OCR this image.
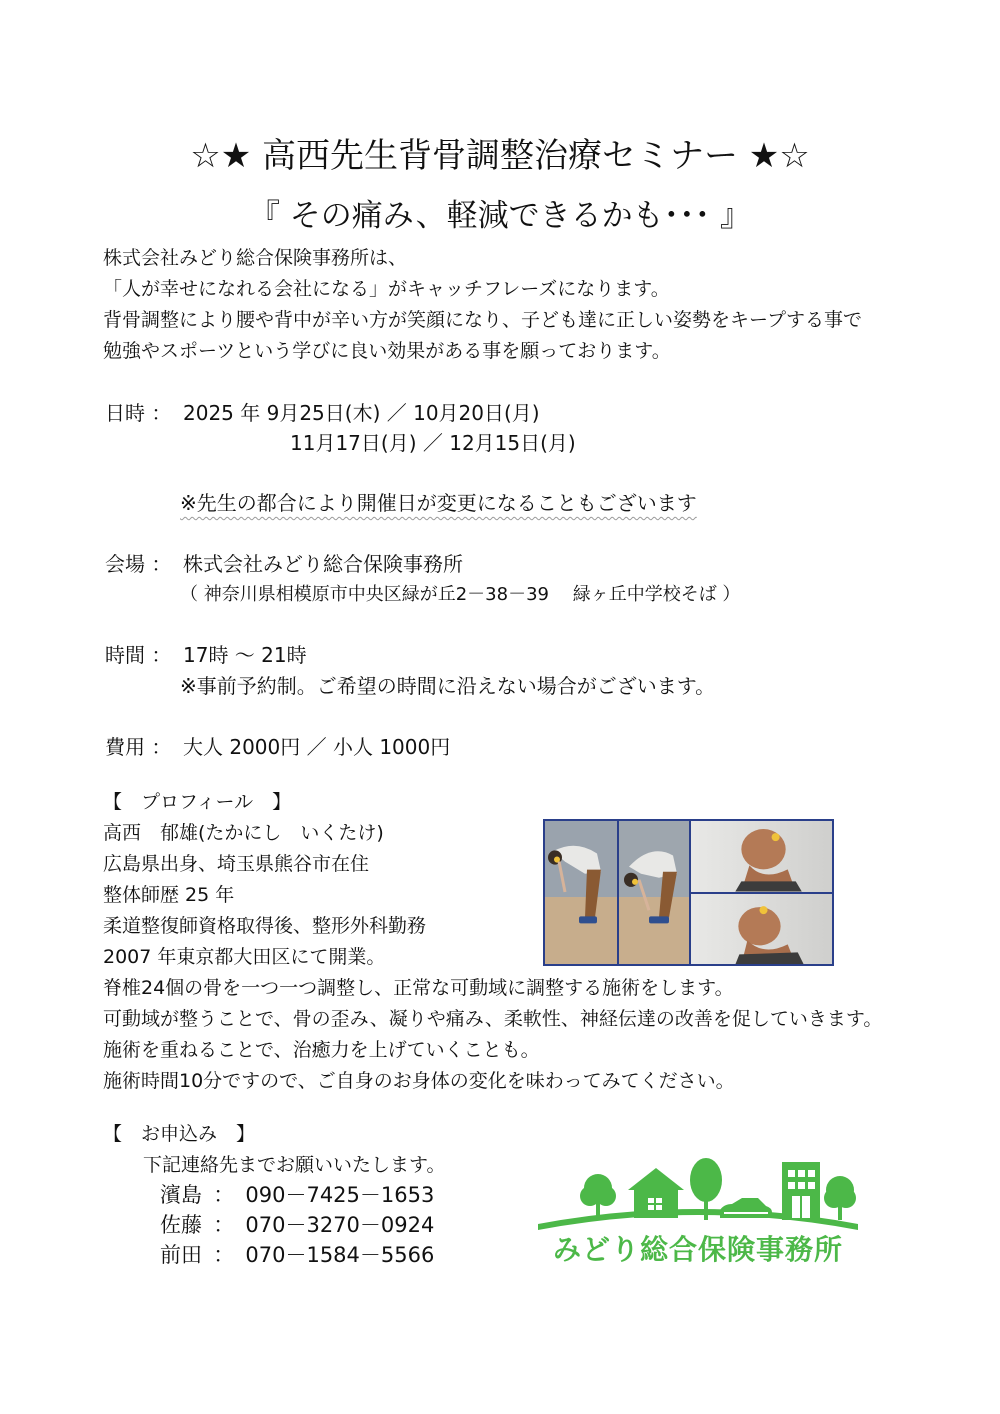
☆★ 高西先生背骨調整治療セミナー ★☆
『 その痛み、軽減できるかも･･･ 』
株式会社みどり総合保険事務所は、
「人が幸せになれる会社になる」がキャッチフレーズになります。
背骨調整により腰や背中が辛い方が笑顔になり、子ども達に正しい姿勢をキープする事で
勉強やスポーツという学びに良い効果がある事を願っております。
日時 ： 2025 年 9月25日(木) ／ 10月20日(月)
11月17日(月) ／ 12月15日(月)
※先生の都合により開催日が変更になることもございます
会場 ： 株式会社みどり総合保険事務所
（ 神奈川県相模原市中央区緑が丘2－38－39　 緑ヶ丘中学校そば ）
時間 ： 17時 ～ 21時
※事前予約制。ご希望の時間に沿えない場合がございます。
費用 ： 大人 2000円 ／ 小人 1000円
【　プロフィール　】
高西　郁雄(たかにし　いくたけ)
広島県出身、埼玉県熊谷市在住
整体師歴 25 年
柔道整復師資格取得後、整形外科勤務
2007 年東京都大田区にて開業。
脊椎24個の骨を一つ一つ調整し、正常な可動域に調整する施術をします。
可動域が整うことで、骨の歪み、凝りや痛み、柔軟性、神経伝達の改善を促していきます。
施術を重ねることで、治癒力を上げていくことも。
施術時間10分ですので、ご自身のお身体の変化を味わってみてください。
【　お申込み　】
下記連絡先までお願いいたします。
濱島 ： 090－7425－1653
佐藤 ： 070－3270－0924
前田 ： 070－1584－5566	みどり総合保険事務所
